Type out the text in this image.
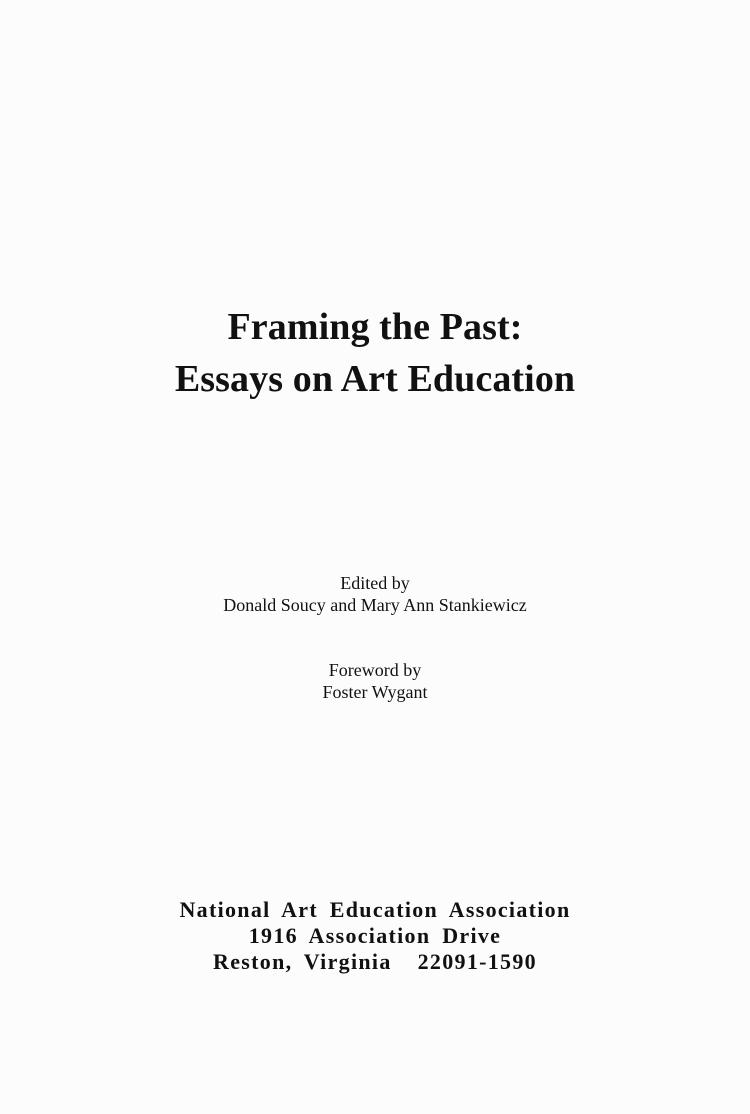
Framing the Past:
Essays on Art Education
Edited by
Donald Soucy and Mary Ann Stankiewicz
Foreword by
Foster Wygant
National Art Education Association
1916 Association Drive
Reston, Virginia 22091-1590
